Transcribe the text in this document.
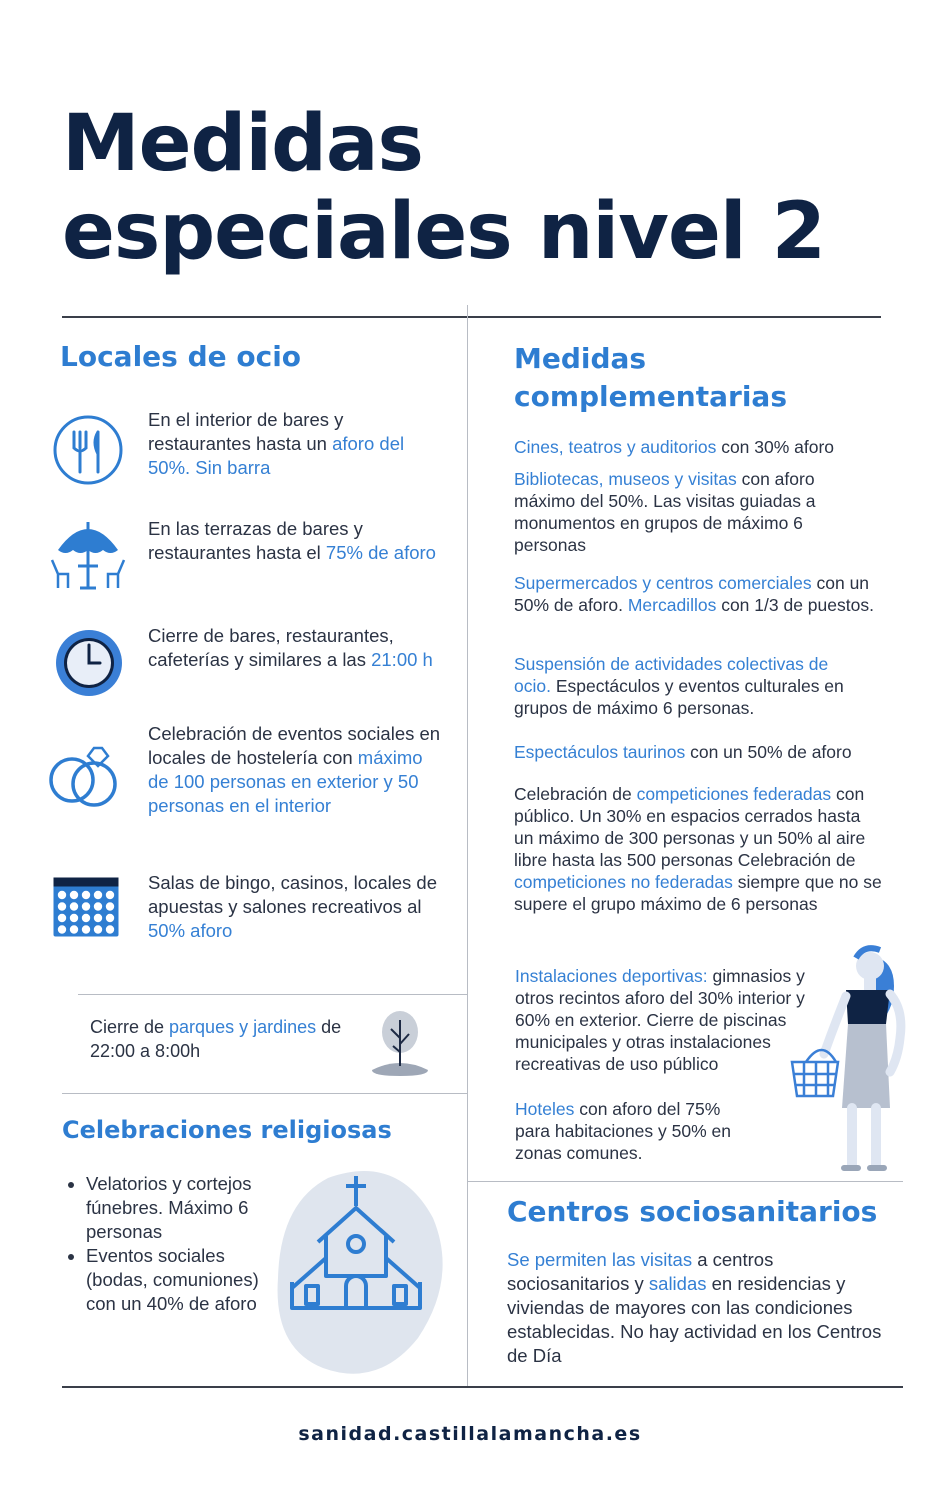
Medidas
especiales nivel 2
Locales de ocio
En el interior de bares y restaurantes hasta un aforo del 50%. Sin barra
En las terrazas de bares y restaurantes hasta el 75% de aforo
Cierre de bares, restaurantes, cafeterías y similares a las 21:00 h
Celebración de eventos sociales en locales de hostelería con máximo de 100 personas en exterior y 50 personas en el interior
Salas de bingo, casinos, locales de apuestas y salones recreativos al 50% aforo
Cierre de parques y jardines de 22:00 a 8:00h
Celebraciones religiosas
• Velatorios y cortejos fúnebres. Máximo 6 personas
• Eventos sociales (bodas, comuniones) con un 40% de aforo
Medidas complementarias
Cines, teatros y auditorios con 30% aforo
Bibliotecas, museos y visitas con aforo máximo del 50%. Las visitas guiadas a monumentos en grupos de máximo 6 personas
Supermercados y centros comerciales con un 50% de aforo. Mercadillos con 1/3 de puestos.
Suspensión de actividades colectivas de ocio. Espectáculos y eventos culturales en grupos de máximo 6 personas.
Espectáculos taurinos con un 50% de aforo
Celebración de competiciones federadas con público. Un 30% en espacios cerrados hasta un máximo de 300 personas y un 50% al aire libre hasta las 500 personas Celebración de competiciones no federadas siempre que no se supere el grupo máximo de 6 personas
Instalaciones deportivas: gimnasios y otros recintos aforo del 30% interior y 60% en exterior. Cierre de piscinas municipales y otras instalaciones recreativas de uso público
Hoteles con aforo del 75% para habitaciones y 50% en zonas comunes.
Centros sociosanitarios
Se permiten las visitas a centros sociosanitarios y salidas en residencias y viviendas de mayores con las condiciones establecidas. No hay actividad en los Centros de Día
sanidad.castillalamancha.es
